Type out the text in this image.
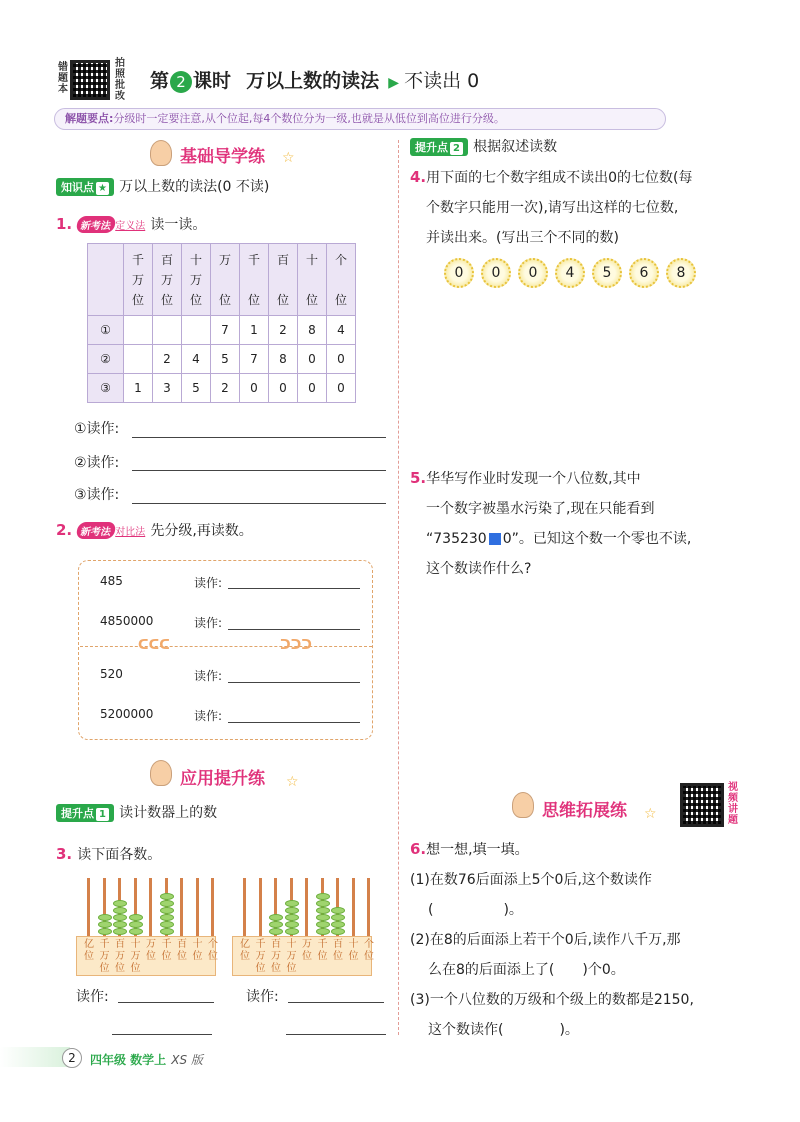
错题本
拍照批改
第 2 课时 万以上数的读法 ▶ 不读出 0
解题要点:分级时一定要注意,从个位起,每4个数位分为一级,也就是从低位到高位进行分级。
基础导学练 ☆
知识点 ★ 万以上数的读法(0 不读)
1. 新考法 定义法 读一读。
	千
万
位	百
万
位	十
万
位	万

位	千

位	百

位	十

位	个

位
①				7	1	2	8	4
②		2	4	5	7	8	0	0
③	1	3	5	2	0	0	0	0
①读作:
②读作:
③读作:
2. 新考法 对比法 先分级,再读数。
ᑕᑕᑕ	ᑐᑐᑐ
485	读作:
4850000	读作:
520	读作:
5200000	读作:
应用提升练 ☆
提升点 1 读计数器上的数
3. 读下面各数。
亿
位
千
万
位
百
万
位
十
万
位
万
位
千
位
百
位
十
位
个
位
亿
位
千
万
位
百
万
位
十
万
位
万
位
千
位
百
位
十
位
个
位
读作:	读作:
提升点 2 根据叙述读数
4.用下面的七个数字组成不读出0的七位数(每
个数字只能用一次),请写出这样的七位数,
并读出来。(写出三个不同的数)
0	0	0	4	5	6	8
5.华华写作业时发现一个八位数,其中
一个数字被墨水污染了,现在只能看到
“735230 0”。已知这个数一个零也不读,
这个数读作什么?
思维拓展练 ☆
视频讲题
6.想一想,填一填。
(1)在数76后面添上5个0后,这个数读作
(　　　　　)。
(2)在8的后面添上若干个0后,读作八千万,那
么在8的后面添上了(　　)个0。
(3)一个八位数的万级和个级上的数都是2150,
这个数读作(　　　　)。
2	四年级 数学上 XS 版
